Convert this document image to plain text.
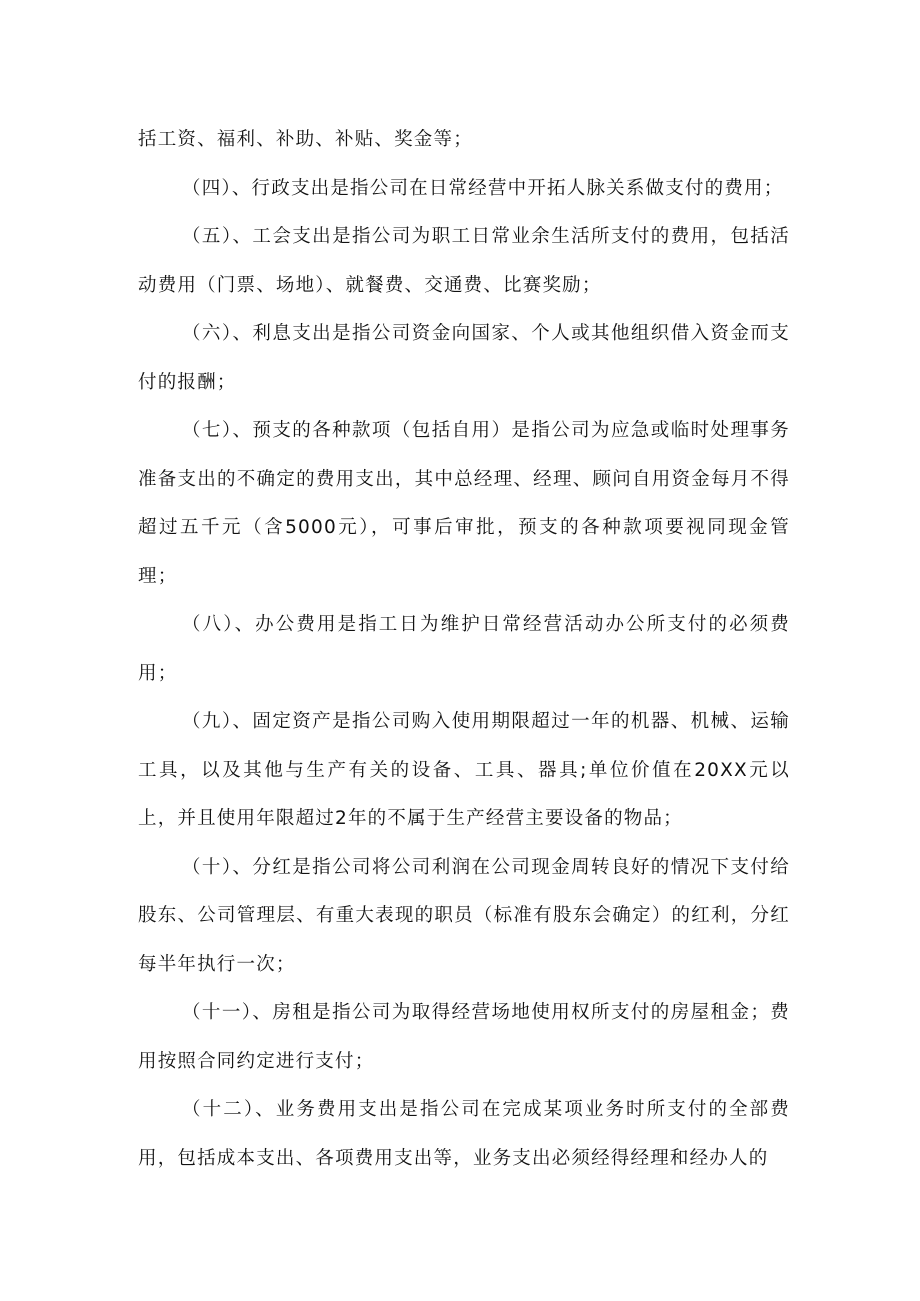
括工资、福利、补助、补贴、奖金等；

（四）、行政支出是指公司在日常经营中开拓人脉关系做支付的费用；

（五）、工会支出是指公司为职工日常业余生活所支付的费用，包括活动费用（门票、场地）、就餐费、交通费、比赛奖励；

（六）、利息支出是指公司资金向国家、个人或其他组织借入资金而支付的报酬；

（七）、预支的各种款项（包括自用）是指公司为应急或临时处理事务准备支出的不确定的费用支出，其中总经理、经理、顾问自用资金每月不得超过五千元（含5000元），可事后审批，预支的各种款项要视同现金管理；

（八）、办公费用是指工日为维护日常经营活动办公所支付的必须费用；

（九）、固定资产是指公司购入使用期限超过一年的机器、机械、运输工具，以及其他与生产有关的设备、工具、器具;单位价值在20XX元以上，并且使用年限超过2年的不属于生产经营主要设备的物品；

（十）、分红是指公司将公司利润在公司现金周转良好的情况下支付给股东、公司管理层、有重大表现的职员（标准有股东会确定）的红利，分红每半年执行一次；

（十一）、房租是指公司为取得经营场地使用权所支付的房屋租金；费用按照合同约定进行支付；

（十二）、业务费用支出是指公司在完成某项业务时所支付的全部费用，包括成本支出、各项费用支出等，业务支出必须经得经理和经办人的
